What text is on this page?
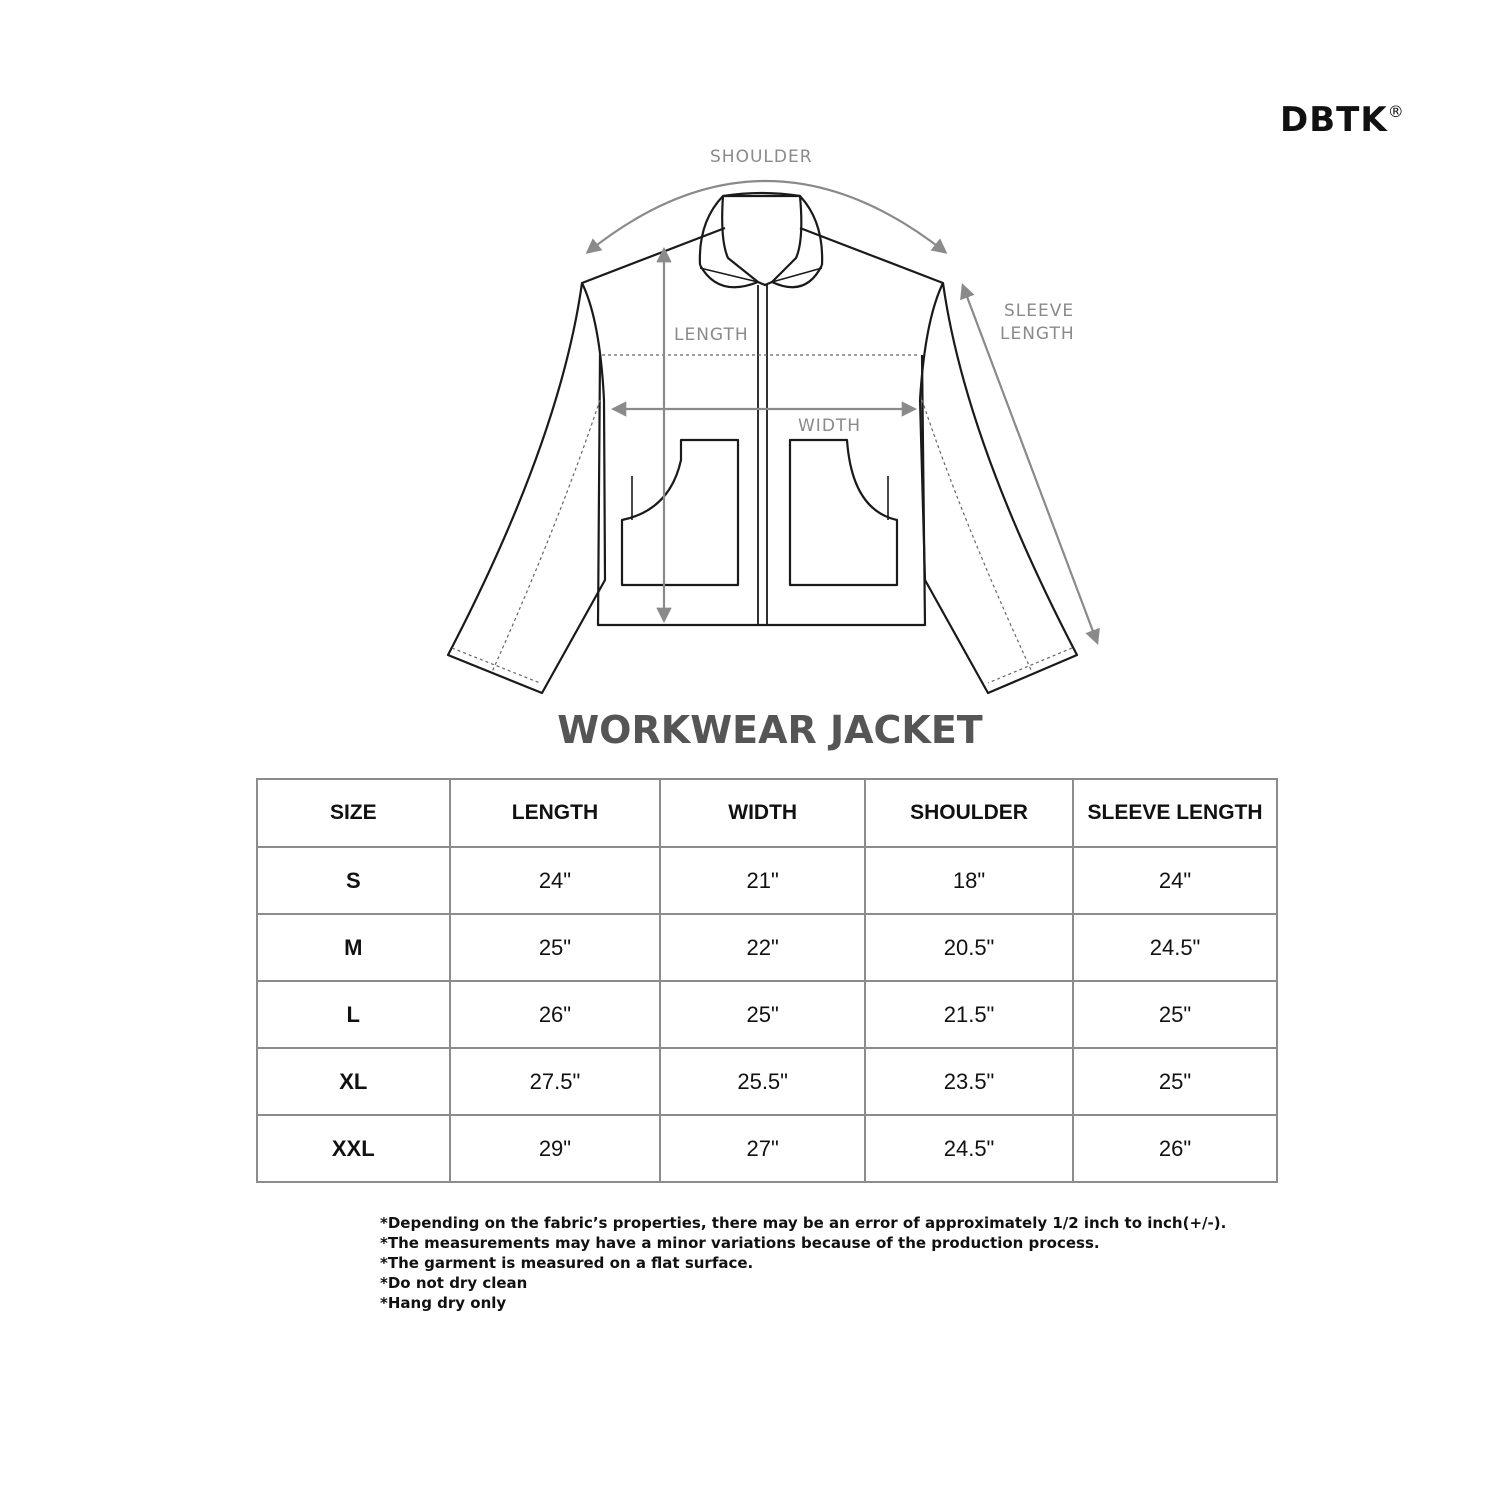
DBTK®
SHOULDER
SLEEVE
LENGTH
LENGTH
WIDTH
WORKWEAR JACKET
SIZE	LENGTH	WIDTH	SHOULDER	SLEEVE LENGTH
S	24"	21"	18"	24"
M	25"	22"	20.5"	24.5"
L	26"	25"	21.5"	25"
XL	27.5"	25.5"	23.5"	25"
XXL	29"	27"	24.5"	26"
*Depending on the fabric’s properties, there may be an error of approximately 1/2 inch to inch(+/-).
*The measurements may have a minor variations because of the production process.
*The garment is measured on a flat surface.
*Do not dry clean
*Hang dry only
